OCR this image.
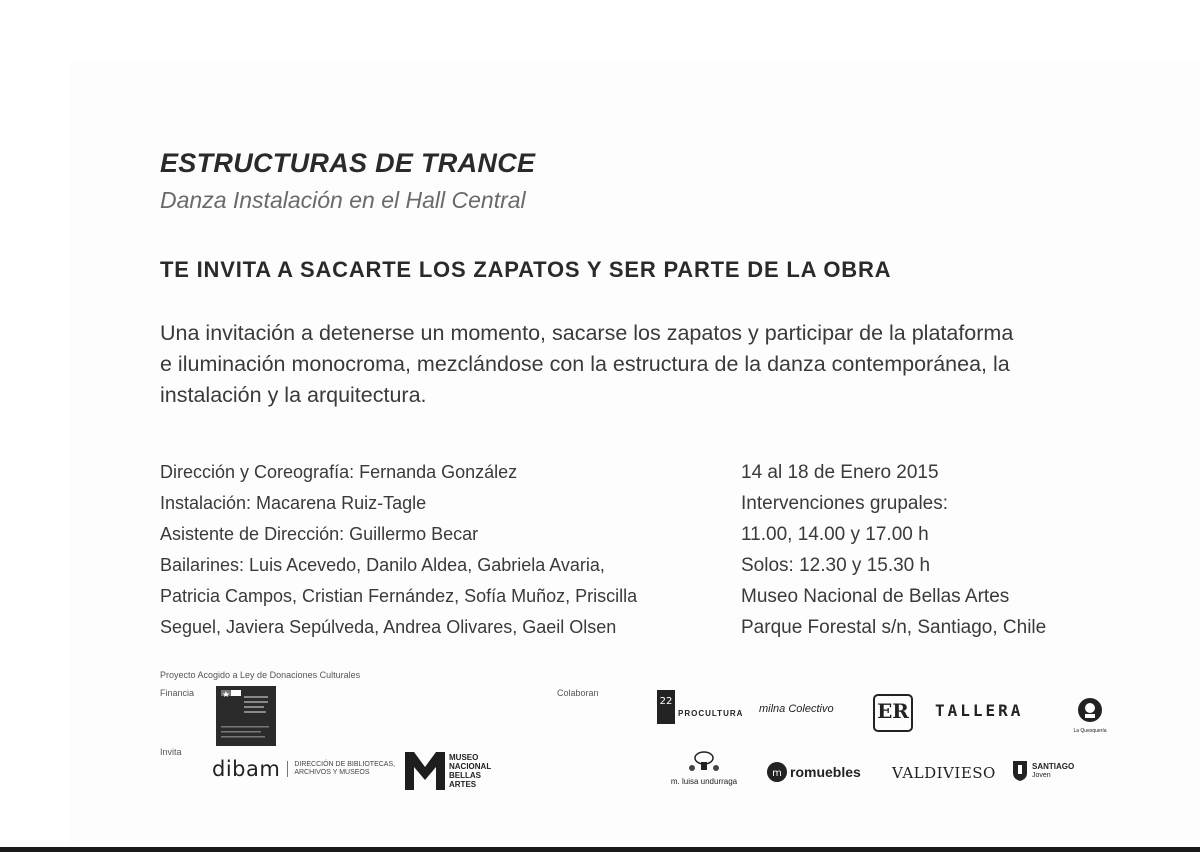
ESTRUCTURAS DE TRANCE
Danza Instalación en el Hall Central
TE INVITA A SACARTE LOS ZAPATOS Y SER PARTE DE LA OBRA
Una invitación a detenerse un momento, sacarse los zapatos y participar de la plataforma
e iluminación monocroma, mezclándose con la estructura de la danza contemporánea, la
instalación y la arquitectura.
Dirección y Coreografía: Fernanda González
Instalación: Macarena Ruiz-Tagle
Asistente de Dirección: Guillermo Becar
Bailarines: Luis Acevedo, Danilo Aldea, Gabriela Avaria,
Patricia Campos, Cristian Fernández, Sofía Muñoz, Priscilla
Seguel, Javiera Sepúlveda, Andrea Olivares, Gaeil Olsen
14 al 18 de Enero 2015
Intervenciones grupales:
11.00, 14.00 y 17.00 h
Solos: 12.30 y 15.30 h
Museo Nacional de Bellas Artes
Parque Forestal s/n, Santiago, Chile
Proyecto Acogido a Ley de Donaciones Culturales
Financia
Invita
Colaboran
dibam	DIRECCIÓN DE BIBLIOTECAS,
ARCHIVOS Y MUSEOS
MUSEO
NACIONAL
BELLAS
ARTES
22
PROCULTURA milna Colectivo ER TALLERA
La Quesquería
m. luisa undurraga
m romuebles VALDIVIESO	SANTIAGO
Joven
